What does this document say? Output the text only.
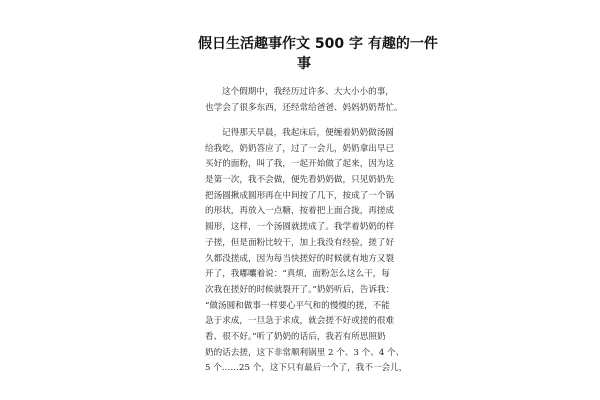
假日生活趣事作文 500 字 有趣的一件
事
这个假期中，我经历过许多、大大小小的事，
也学会了很多东西，还经常给爸爸、妈妈奶奶帮忙。
记得那天早晨，我起床后，便缠着奶奶做汤圆
给我吃，奶奶答应了，过了一会儿，奶奶拿出早已
买好的面粉，叫了我，一起开始做了起来，因为这
是第一次，我不会做，便先看奶奶做，只见奶奶先
把汤圆揪成圆形再在中间按了几下，按成了一个锅
的形状，再放入一点糖，按着把上面合拢，再搓成
圆形，这样，一个汤圆就搓成了。我学着奶奶的样
子搓，但是面粉比较干，加上我没有经验，搓了好
久都没搓成，因为每当快搓好的时候就有地方又裂
开了，我嘟囔着说：“真烦，面粉怎么这么干，每
次我在搓好的时候就裂开了。”奶奶听后，告诉我：
“做汤圆和做事一样要心平气和的慢慢的搓，不能
急于求成，一旦急于求成，就会搓不好或搓的很难
看、很不好。”听了奶奶的话后，我若有所思照奶
奶的话去搓，这下非常顺利锅里 2 个、3 个、4 个、
5 个……25 个，这下只有最后一个了，我不一会儿，
